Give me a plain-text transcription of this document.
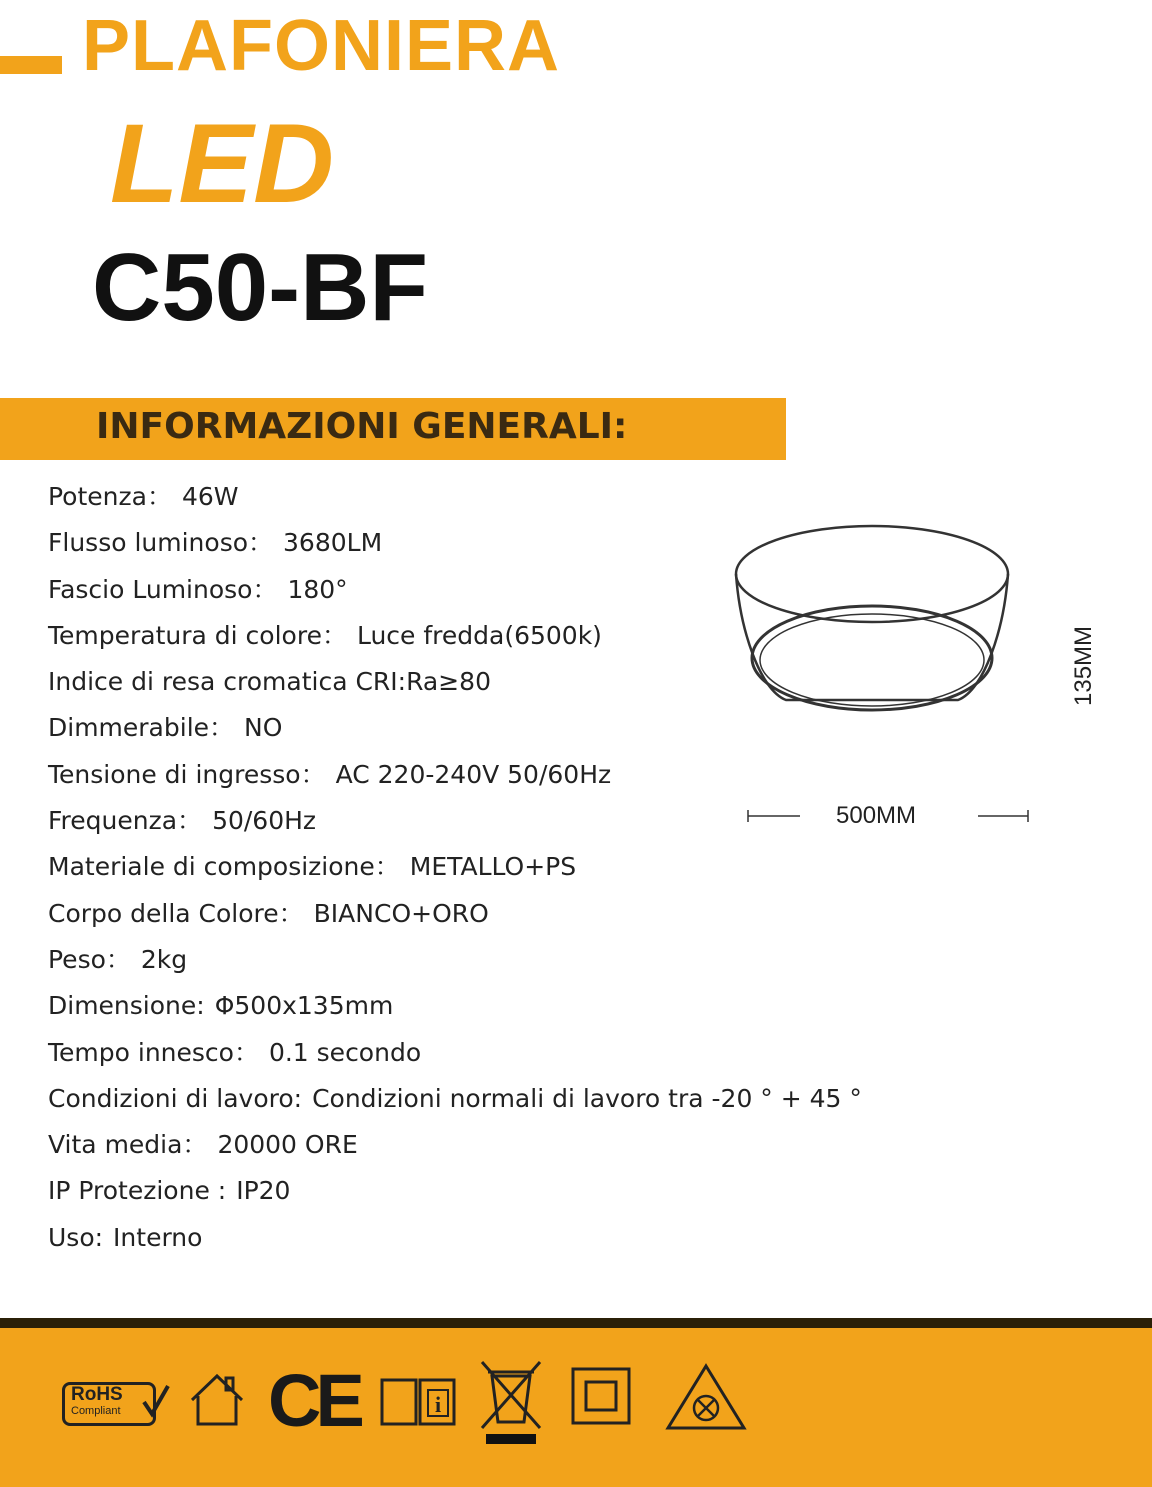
PLAFONIERA
LED
C50-BF
INFORMAZIONI GENERALI:
Potenza： 46W
Flusso luminoso： 3680LM
Fascio Luminoso： 180°
Temperatura di colore： Luce fredda(6500k)
Indice di resa cromatica CRI:Ra≥80
Dimmerabile： NO
Tensione di ingresso： AC 220-240V 50/60Hz
Frequenza： 50/60Hz
Materiale di composizione： METALLO+PS
Corpo della Colore： BIANCO+ORO
Peso： 2kg
Dimensione: Φ500x135mm
Tempo innesco： 0.1 secondo
Condizioni di lavoro: Condizioni normali di lavoro tra -20 ° + 45 °
Vita media： 20000 ORE
IP Protezione : IP20
Uso: Interno
500MM
135MM
RoHS
Compliant	CE	i
